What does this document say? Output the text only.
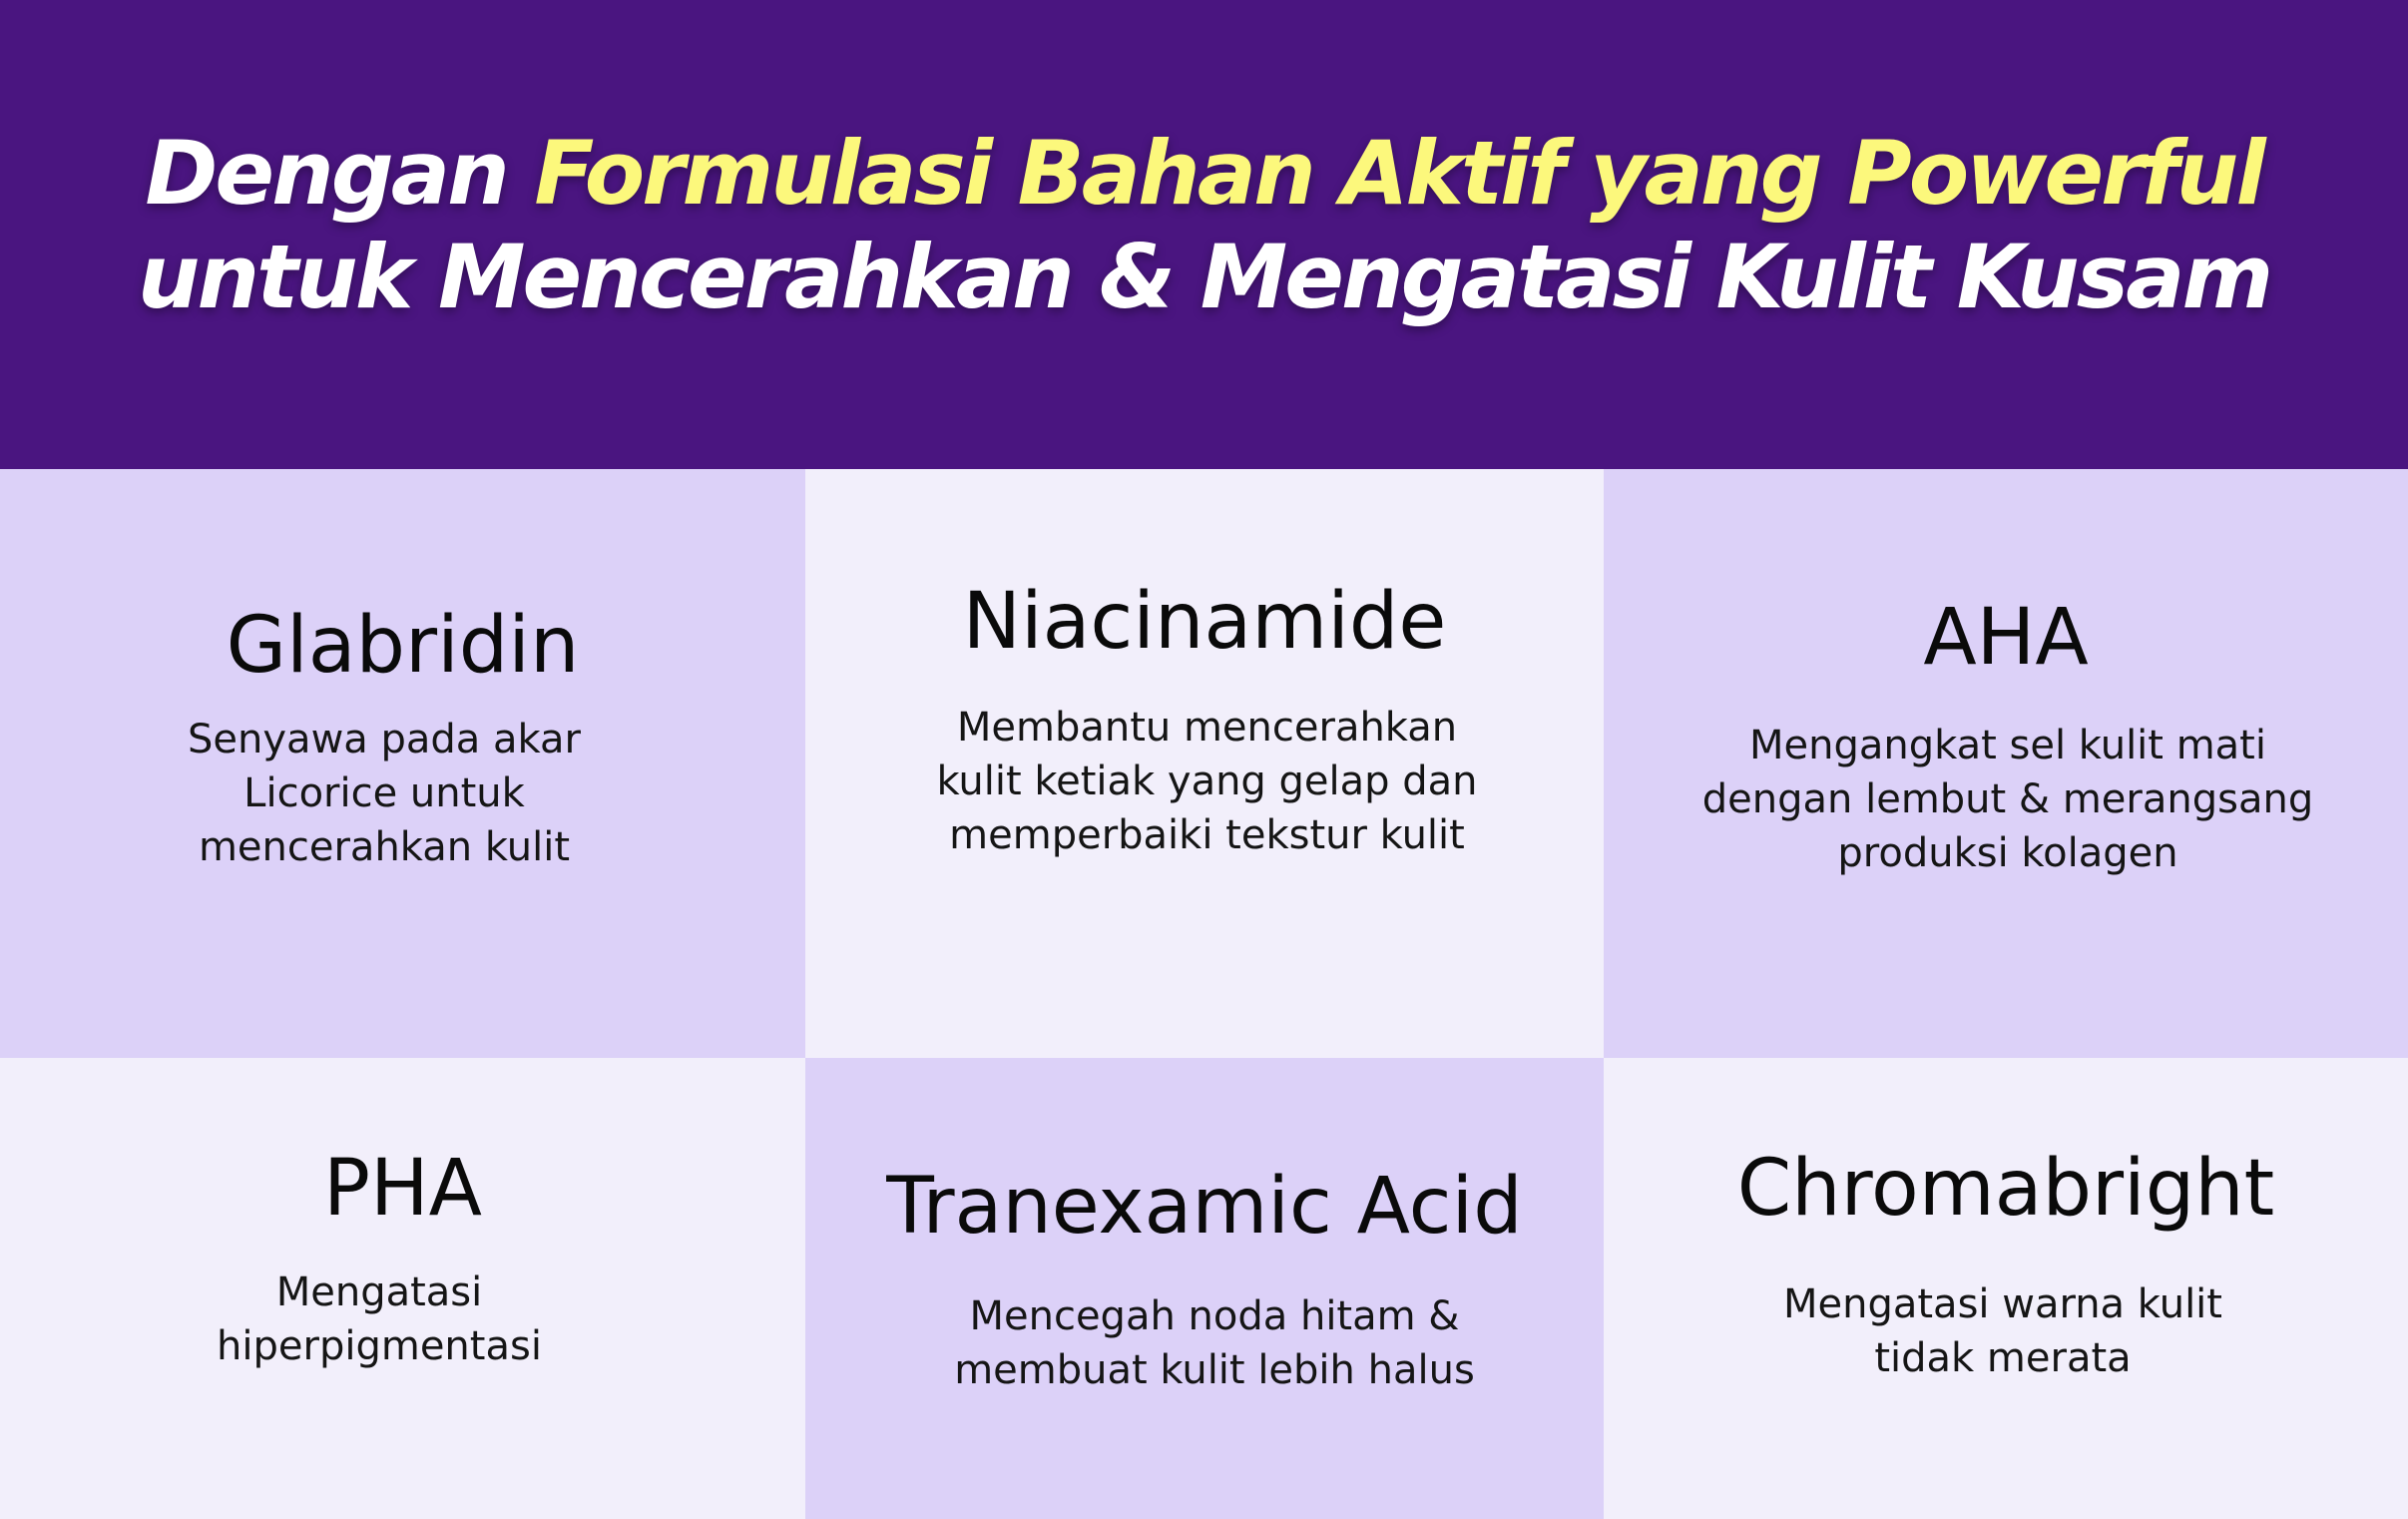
Dengan Formulasi Bahan Aktif yang Powerful
untuk Mencerahkan & Mengatasi Kulit Kusam
Glabridin

Senyawa pada akar Licorice untuk mencerahkan kulit

Niacinamide

Membantu mencerahkan kulit ketiak yang gelap dan memperbaiki tekstur kulit

AHA

Mengangkat sel kulit mati dengan lembut & merangsang produksi kolagen

PHA

Mengatasi hiperpigmentasi

Tranexamic Acid

Mencegah noda hitam & membuat kulit lebih halus

Chromabright

Mengatasi warna kulit tidak merata
